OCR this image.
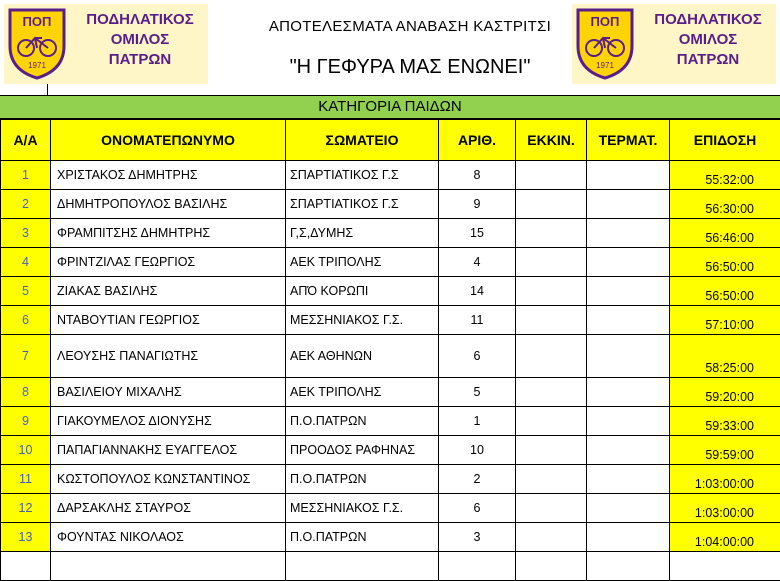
ΠΟΠ
1971
ΠΟΔΗΛΑΤΙΚΟΣ
ΟΜΙΛΟΣ
ΠΑΤΡΩΝ
ΑΠΟΤΕΛΕΣΜΑΤΑ ΑΝΑΒΑΣΗ ΚΑΣΤΡΙΤΣΙ
"Η ΓΕΦΥΡΑ ΜΑΣ ΕΝΩΝΕΙ"
ΠΟΠ
1971
ΠΟΔΗΛΑΤΙΚΟΣ
ΟΜΙΛΟΣ
ΠΑΤΡΩΝ
ΚΑΤΗΓΟΡΙΑ ΠΑΙΔΩΝ
Α/Α	ΟΝΟΜΑΤΕΠΩΝΥΜΟ	ΣΩΜΑΤΕΙΟ	ΑΡΙΘ.	ΕΚΚΙΝ.	ΤΕΡΜΑΤ.	ΕΠΙΔΟΣΗ
1	ΧΡΙΣΤΑΚΟΣ ΔΗΜΗΤΡΗΣ	ΣΠΑΡΤΙΑΤΙΚΟΣ Γ.Σ	8			55:32:00
2	ΔΗΜΗΤΡΟΠΟΥΛΟΣ ΒΑΣΙΛΗΣ	ΣΠΑΡΤΙΑΤΙΚΟΣ Γ.Σ	9			56:30:00
3	ΦΡΑΜΠΙΤΣΗΣ ΔΗΜΗΤΡΗΣ	Γ,Σ,ΔΥΜΗΣ	15			56:46:00
4	ΦΡΙΝΤΖΙΛΑΣ ΓΕΩΡΓΙΟΣ	ΑΕΚ ΤΡΙΠΟΛΗΣ	4			56:50:00
5	ΖΙΑΚΑΣ ΒΑΣΙΛΗΣ	ΑΠΌ ΚΟΡΩΠΙ	14			56:50:00
6	ΝΤΑΒΟΥΤΙΑΝ ΓΕΩΡΓΙΟΣ	ΜΕΣΣΗΝΙΑΚΟΣ Γ.Σ.	11			57:10:00
7	ΛΕΟΥΣΗΣ ΠΑΝΑΓΙΩΤΗΣ	ΑΕΚ ΑΘΗΝΩΝ	6			58:25:00
8	ΒΑΣΙΛΕΙΟΥ ΜΙΧΑΛΗΣ	ΑΕΚ ΤΡΙΠΟΛΗΣ	5			59:20:00
9	ΓΙΑΚΟΥΜΕΛΟΣ ΔΙΟΝΥΣΗΣ	Π.Ο.ΠΑΤΡΩΝ	1			59:33:00
10	ΠΑΠΑΓΙΑΝΝΑΚΗΣ ΕΥΑΓΓΕΛΟΣ	ΠΡΟΟΔΟΣ ΡΑΦΗΝΑΣ	10			59:59:00
11	ΚΩΣΤΟΠΟΥΛΟΣ ΚΩΝΣΤΑΝΤΙΝΟΣ	Π.Ο.ΠΑΤΡΩΝ	2			1:03:00:00
12	ΔΑΡΣΑΚΛΗΣ ΣΤΑΥΡΟΣ	ΜΕΣΣΗΝΙΑΚΟΣ Γ.Σ.	6			1:03:00:00
13	ΦΟΥΝΤΑΣ ΝΙΚΟΛΑΟΣ	Π.Ο.ΠΑΤΡΩΝ	3			1:04:00:00
